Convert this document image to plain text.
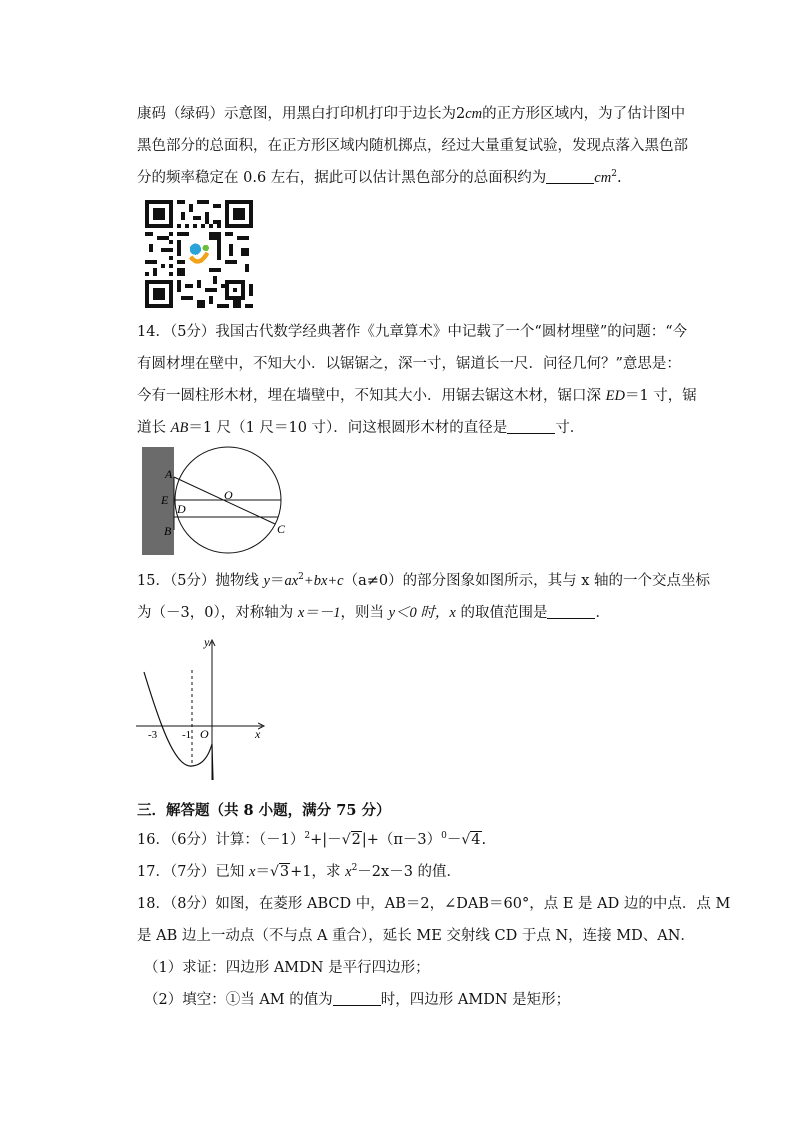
康码（绿码）示意图，用黑白打印机打印于边长为2cm的正方形区域内，为了估计图中
黑色部分的总面积，在正方形区域内随机掷点，经过大量重复试验，发现点落入黑色部
分的频率稳定在 0.6 左右，据此可以估计黑色部分的总面积约为	$cm^2$.
14．（5分）我国古代数学经典著作《九章算术》中记载了一个“圆材埋壁”的问题：“今
有圆材埋在壁中，不知大小．以锯锯之，深一寸，锯道长一尺．问径几何？”意思是：
今有一圆柱形木材，埋在墙壁中，不知其大小．用锯去锯这木材，锯口深 ED＝1 寸，锯
道长 AB＝1 尺（1 尺＝10 寸）．问这根圆形木材的直径是	寸．
A
O
E
D
B	C
15．（5分）抛物线 $y=ax^2+bx+c(a\ne 0)$的部分图象如图所示，其与 x 轴的一个交点坐标
为（－3，0），对称轴为 x＝－1，则当 y＜0 时，x 的取值范围是	．
y
x
-3 -1 O
三．解答题（共 8 小题，满分 75 分）
16．（6分）计算：$(-1)^2+|-√2|+(\pi-3)^0-√4$.
17．（7分）已知 x＝√3+1，求 $x^2-2x-3$ 的值．
18．（8分）如图，在菱形 ABCD 中，AB＝2，∠DAB＝60°，点 E 是 AD 边的中点．点 M
是 AB 边上一动点（不与点 A 重合），延长 ME 交射线 CD 于点 N，连接 MD、AN．
（1）求证：四边形 AMDN 是平行四边形；
（2）填空：①当 AM 的值为	时，四边形 AMDN 是矩形；
